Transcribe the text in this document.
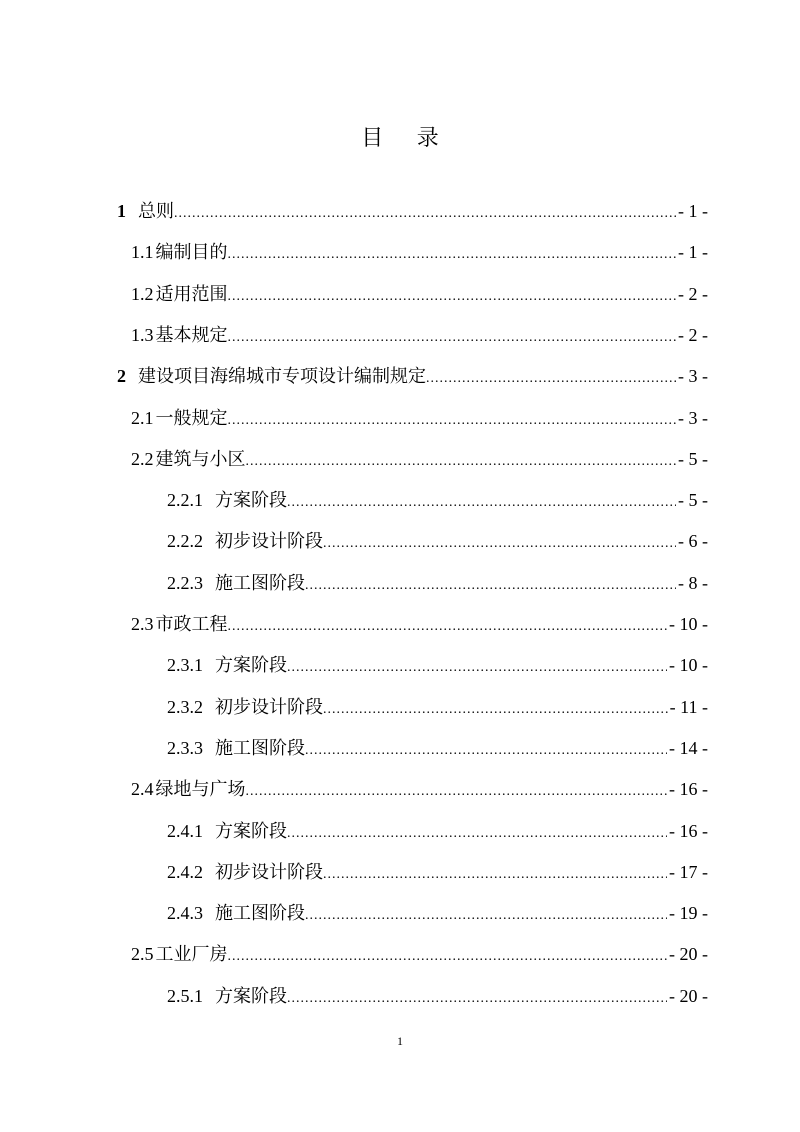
目 录
1 总则 .....	- 1 -
1.1 编制目的 .....	- 1 -
1.2 适用范围 .....	- 2 -
1.3 基本规定 .....	- 2 -
2 建设项目海绵城市专项设计编制规定 .....	- 3 -
2.1 一般规定 .....	- 3 -
2.2 建筑与小区 .....	- 5 -
2.2.1 方案阶段 .....	- 5 -
2.2.2 初步设计阶段 .....	- 6 -
2.2.3 施工图阶段 .....	- 8 -
2.3 市政工程 .....	- 10 -
2.3.1 方案阶段 .....	- 10 -
2.3.2 初步设计阶段 .....	- 11 -
2.3.3 施工图阶段 .....	- 14 -
2.4 绿地与广场 .....	- 16 -
2.4.1 方案阶段 .....	- 16 -
2.4.2 初步设计阶段 .....	- 17 -
2.4.3 施工图阶段 .....	- 19 -
2.5 工业厂房 .....	- 20 -
2.5.1 方案阶段 .....	- 20 -
1
